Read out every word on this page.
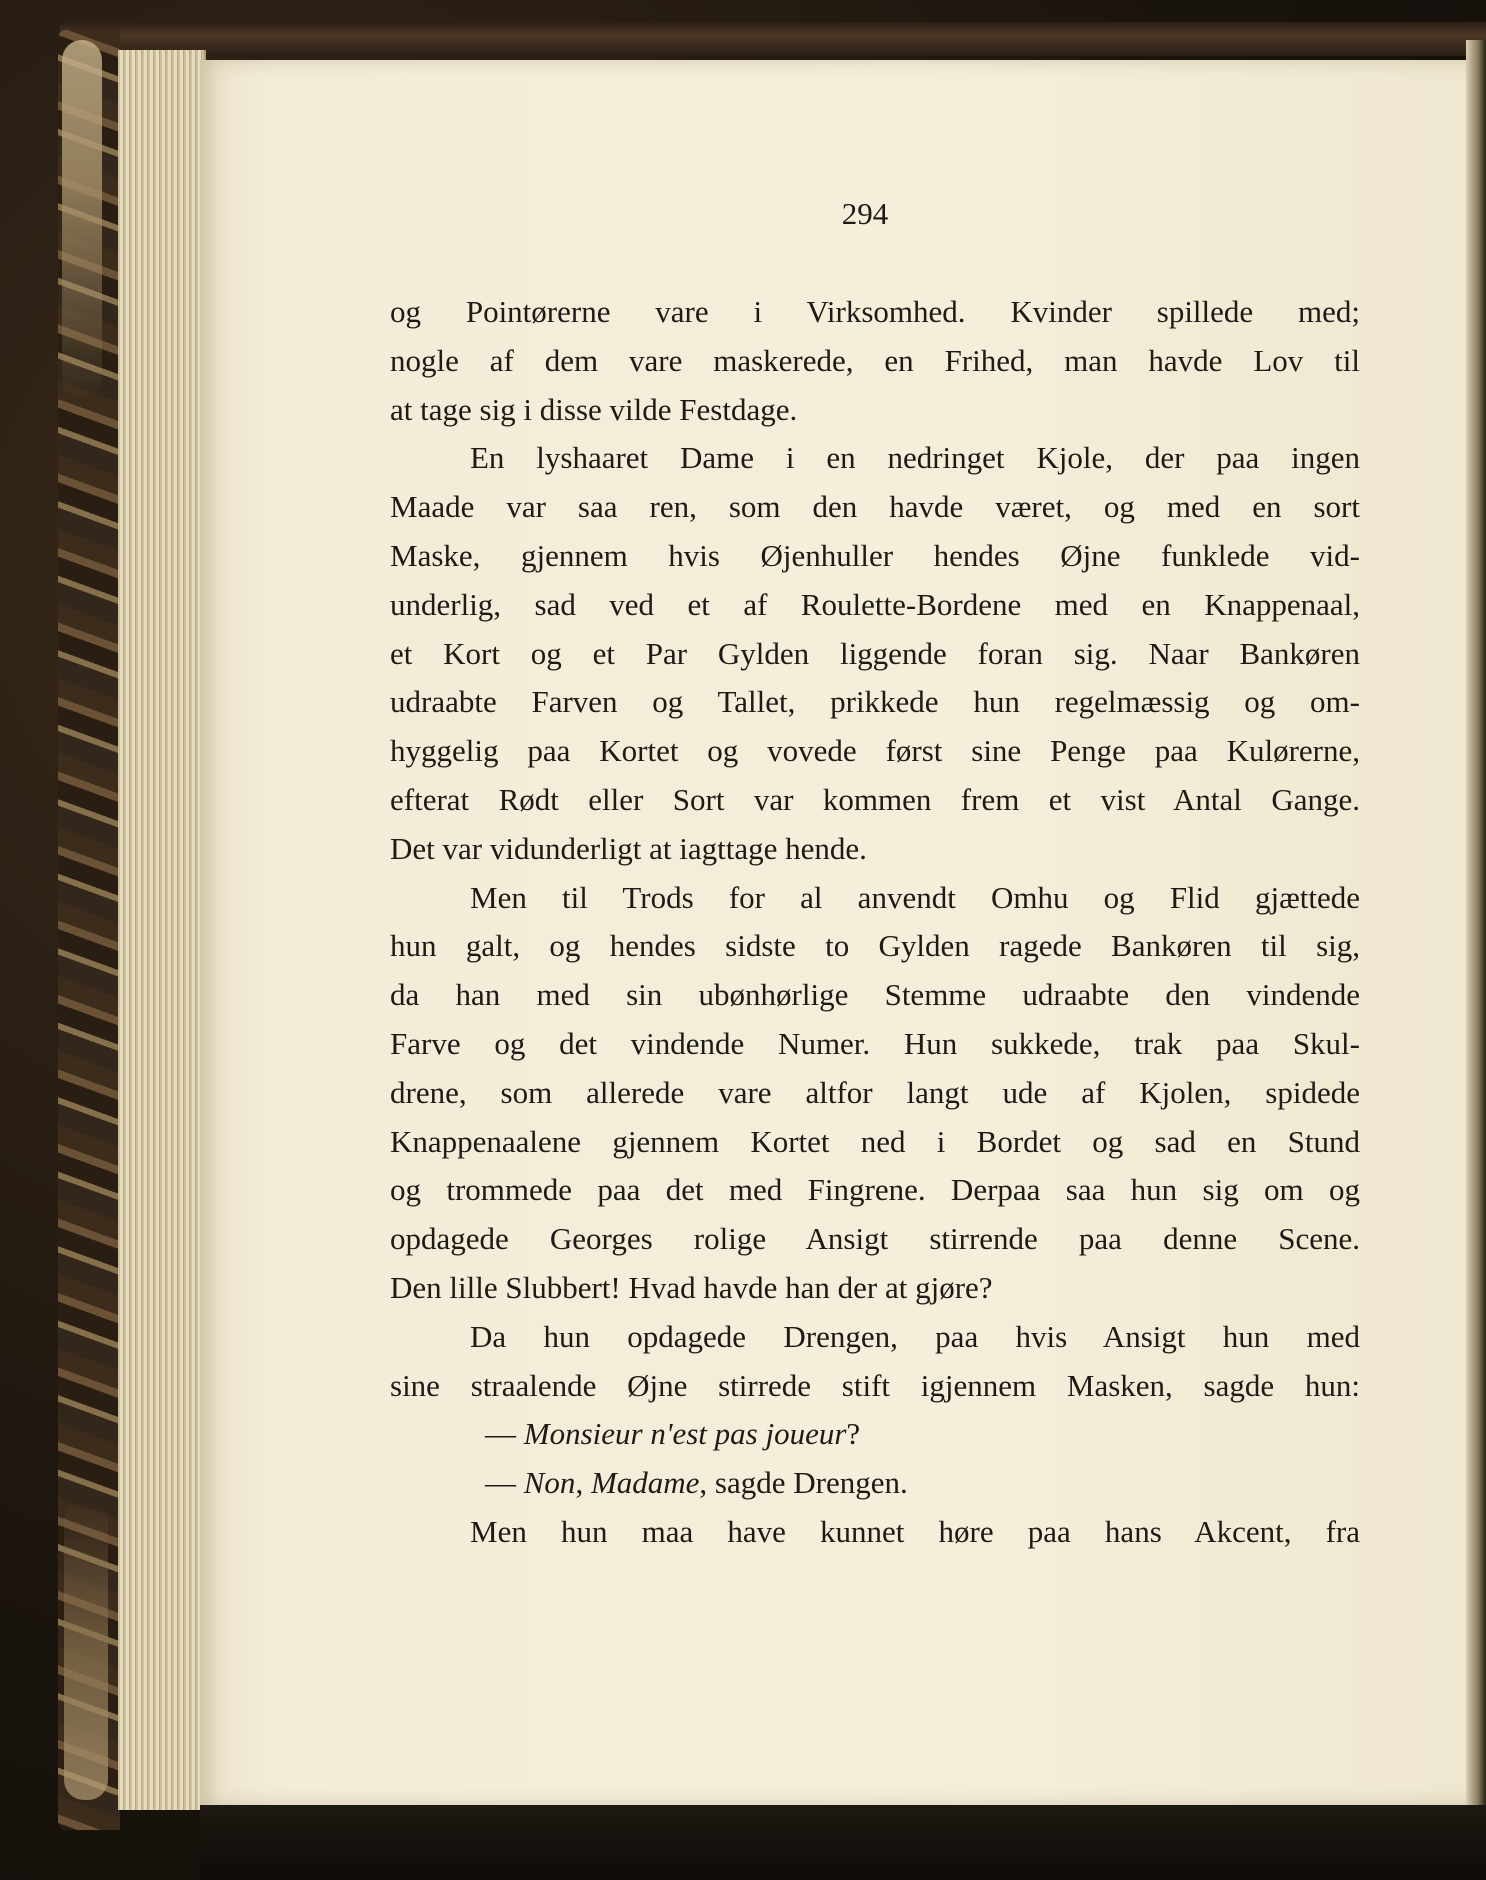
294
og Pointørerne vare i Virksomhed. Kvinder spillede med;
nogle af dem vare maskerede, en Frihed, man havde Lov til
at tage sig i disse vilde Festdage.
En lyshaaret Dame i en nedringet Kjole, der paa ingen
Maade var saa ren, som den havde været, og med en sort
Maske, gjennem hvis Øjenhuller hendes Øjne funklede vid-
underlig, sad ved et af Roulette-Bordene med en Knappenaal,
et Kort og et Par Gylden liggende foran sig. Naar Bankøren
udraabte Farven og Tallet, prikkede hun regelmæssig og om-
hyggelig paa Kortet og vovede først sine Penge paa Kulørerne,
efterat Rødt eller Sort var kommen frem et vist Antal Gange.
Det var vidunderligt at iagttage hende.
Men til Trods for al anvendt Omhu og Flid gjættede
hun galt, og hendes sidste to Gylden ragede Bankøren til sig,
da han med sin ubønhørlige Stemme udraabte den vindende
Farve og det vindende Numer. Hun sukkede, trak paa Skul-
drene, som allerede vare altfor langt ude af Kjolen, spidede
Knappenaalene gjennem Kortet ned i Bordet og sad en Stund
og trommede paa det med Fingrene. Derpaa saa hun sig om og
opdagede Georges rolige Ansigt stirrende paa denne Scene.
Den lille Slubbert! Hvad havde han der at gjøre?
Da hun opdagede Drengen, paa hvis Ansigt hun med
sine straalende Øjne stirrede stift igjennem Masken, sagde hun:
— Monsieur n'est pas joueur?
— Non, Madame, sagde Drengen.
Men hun maa have kunnet høre paa hans Akcent, fra
